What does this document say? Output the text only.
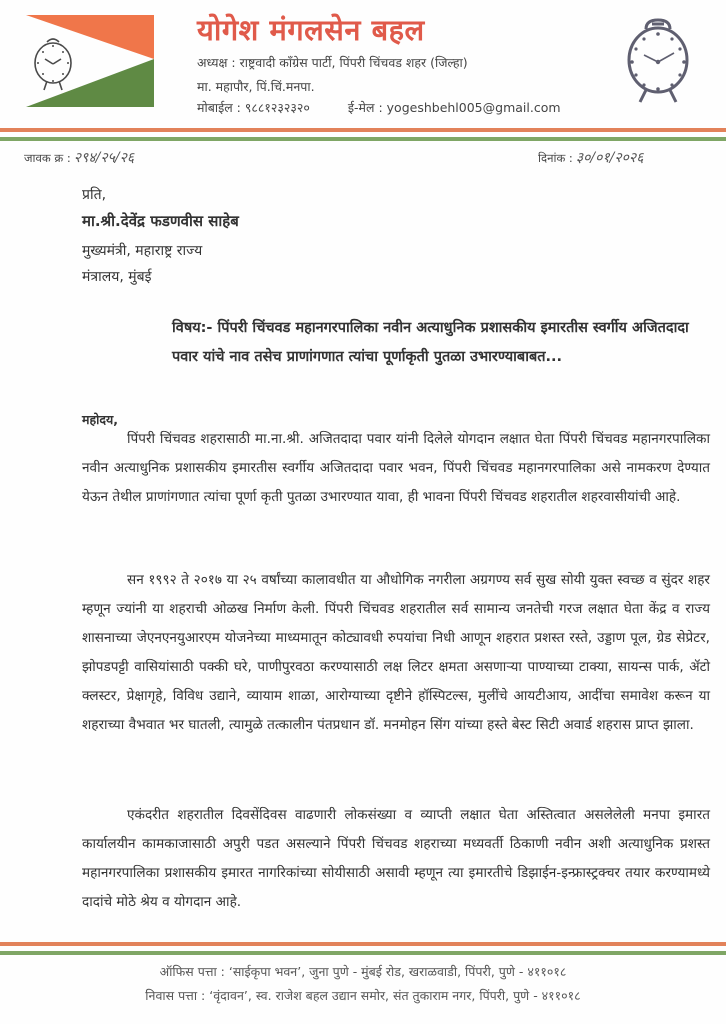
योगेश मंगलसेन बहल
अध्यक्ष : राष्ट्रवादी कॉंग्रेस पार्टी, पिंपरी चिंचवड शहर (जिल्हा)
मा. महापौर, पिं.चिं.मनपा.
मोबाईल : ९८८१२३२३२०	ई-मेल : yogeshbehl005@gmail.com
जावक क्र : २९४/२५/२६	दिनांक : ३०/०१/२०२६
प्रति,
मा.श्री.देवेंद्र फडणवीस साहेब
मुख्यमंत्री, महाराष्ट्र राज्य
मंत्रालय, मुंबई
विषय:- पिंपरी चिंचवड महानगरपालिका नवीन अत्याधुनिक प्रशासकीय इमारतीस स्वर्गीय अजितदादा पवार यांचे नाव तसेच प्राणांगणात त्यांचा पूर्णाकृती पुतळा उभारण्याबाबत...
महोदय,

पिंपरी चिंचवड शहरासाठी मा.ना.श्री. अजितदादा पवार यांनी दिलेले योगदान लक्षात घेता पिंपरी चिंचवड महानगरपालिका नवीन अत्याधुनिक प्रशासकीय इमारतीस स्वर्गीय अजितदादा पवार भवन, पिंपरी चिंचवड महानगरपालिका असे नामकरण देण्यात येऊन तेथील प्राणांगणात त्यांचा पूर्णा कृती पुतळा उभारण्यात यावा, ही भावना पिंपरी चिंचवड शहरातील शहरवासीयांची आहे.

सन १९९२ ते २०१७ या २५ वर्षांच्या कालावधीत या औधोगिक नगरीला अग्रगण्य सर्व सुख सोयी युक्त स्वच्छ व सुंदर शहर म्हणून ज्यांनी या शहराची ओळख निर्माण केली. पिंपरी चिंचवड शहरातील सर्व सामान्य जनतेची गरज लक्षात घेता केंद्र व राज्य शासनाच्या जेएनएनयुआरएम योजनेच्या माध्यमातून कोट्यावधी रुपयांचा निधी आणून शहरात प्रशस्त रस्ते, उड्डाण पूल, ग्रेड सेप्रेटर, झोपडपट्टी वासियांसाठी पक्की घरे, पाणीपुरवठा करण्यासाठी लक्ष लिटर क्षमता असणाऱ्या पाण्याच्या टाक्या, सायन्स पार्क, ॲटो क्लस्टर, प्रेक्षागृहे, विविध उद्याने, व्यायाम शाळा, आरोग्याच्या दृष्टीने हॉस्पिटल्स, मुलींचे आयटीआय, आदींचा समावेश करून या शहराच्या वैभवात भर घातली, त्यामुळे तत्कालीन पंतप्रधान डॉ. मनमोहन सिंग यांच्या हस्ते बेस्ट सिटी अवार्ड शहरास प्राप्त झाला.

एकंदरीत शहरातील दिवसेंदिवस वाढणारी लोकसंख्या व व्याप्ती लक्षात घेता अस्तित्वात असलेलेली मनपा इमारत कार्यालयीन कामकाजासाठी अपुरी पडत असल्याने पिंपरी चिंचवड शहराच्या मध्यवर्ती ठिकाणी नवीन अशी अत्याधुनिक प्रशस्त महानगरपालिका प्रशासकीय इमारत नागरिकांच्या सोयीसाठी असावी म्हणून त्या इमारतीचे डिझाईन-इन्फ्रास्ट्रक्चर तयार करण्यामध्ये दादांचे मोठे श्रेय व योगदान आहे.

ऑफिस पत्ता : ‘साईकृपा भवन’, जुना पुणे - मुंबई रोड, खराळवाडी, पिंपरी, पुणे - ४११०१८
निवास पत्ता : ‘वृंदावन’, स्व. राजेश बहल उद्यान समोर, संत तुकाराम नगर, पिंपरी, पुणे - ४११०१८
